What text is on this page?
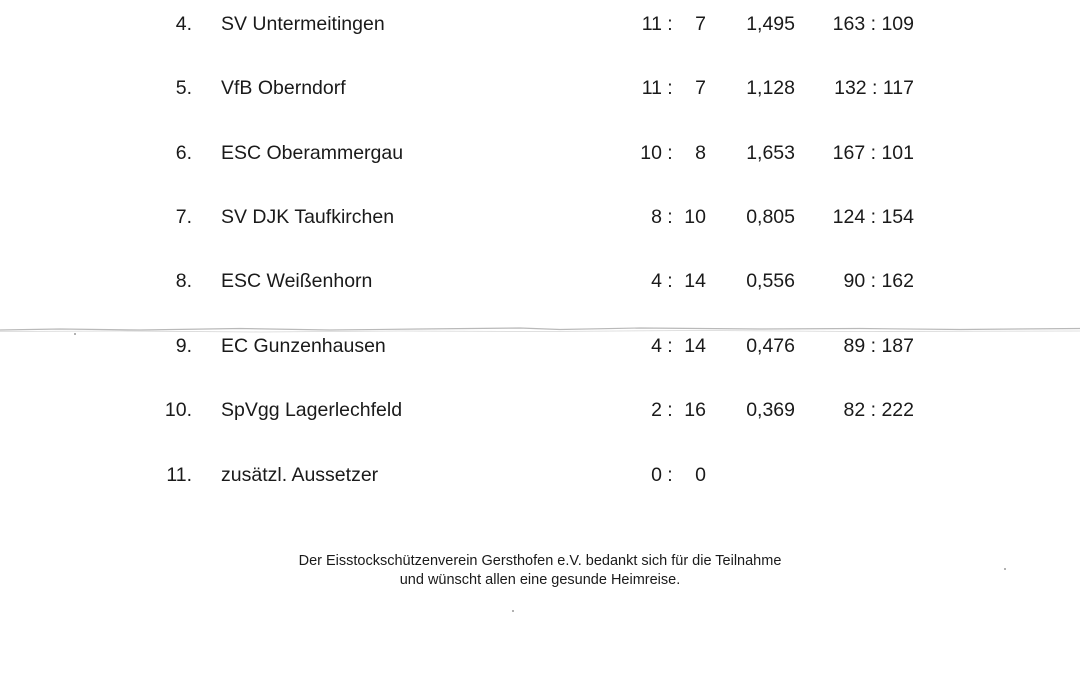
4. SV Untermeitingen	11 :	7	1,495	163 : 109
5. VfB Oberndorf	11 :	7	1,128	132 : 117
6. ESC Oberammergau	10 :	8	1,653	167 : 101
7. SV DJK Taufkirchen	8 : 10	0,805	124 : 154
8. ESC Weißenhorn	4 : 14	0,556	90 : 162
9. EC Gunzenhausen	4 : 14	0,476	89 : 187
10. SpVgg Lagerlechfeld	2 : 16	0,369	82 : 222
11. zusätzl. Aussetzer	0 :	0
Der Eisstockschützenverein Gersthofen e.V. bedankt sich für die Teilnahme
und wünscht allen eine gesunde Heimreise.
